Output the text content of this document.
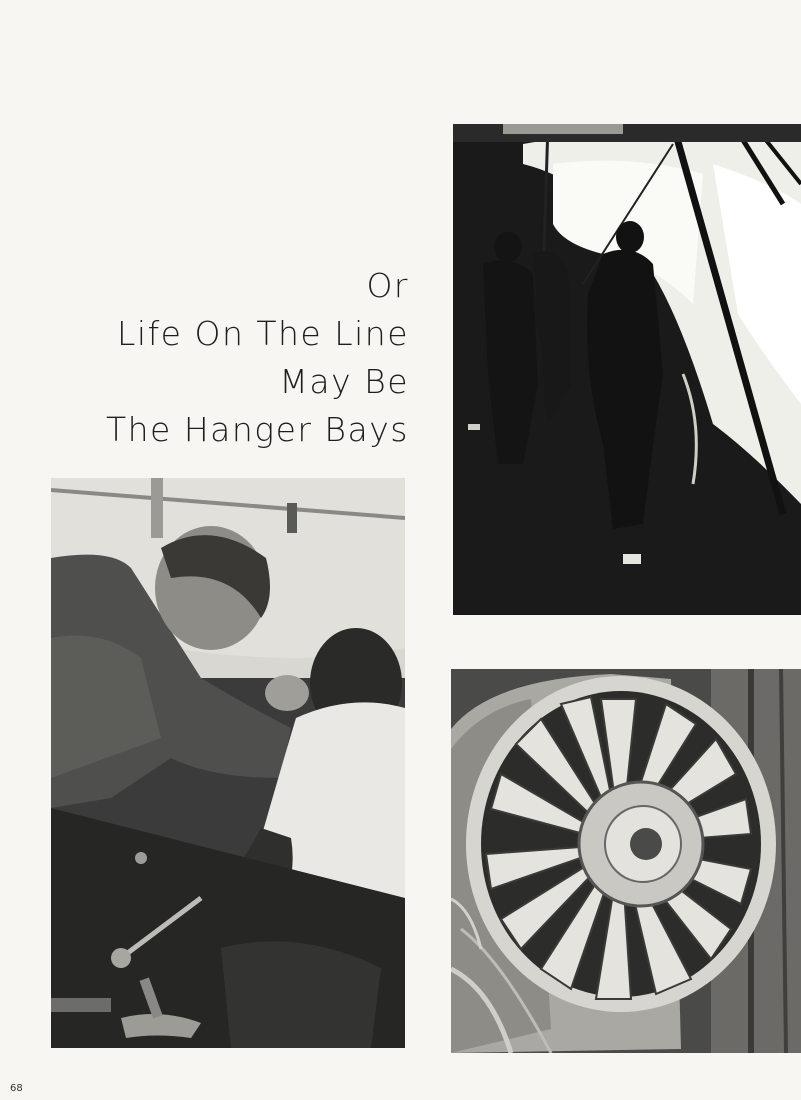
Or
Life On The Line
May Be
The Hanger Bays
68
